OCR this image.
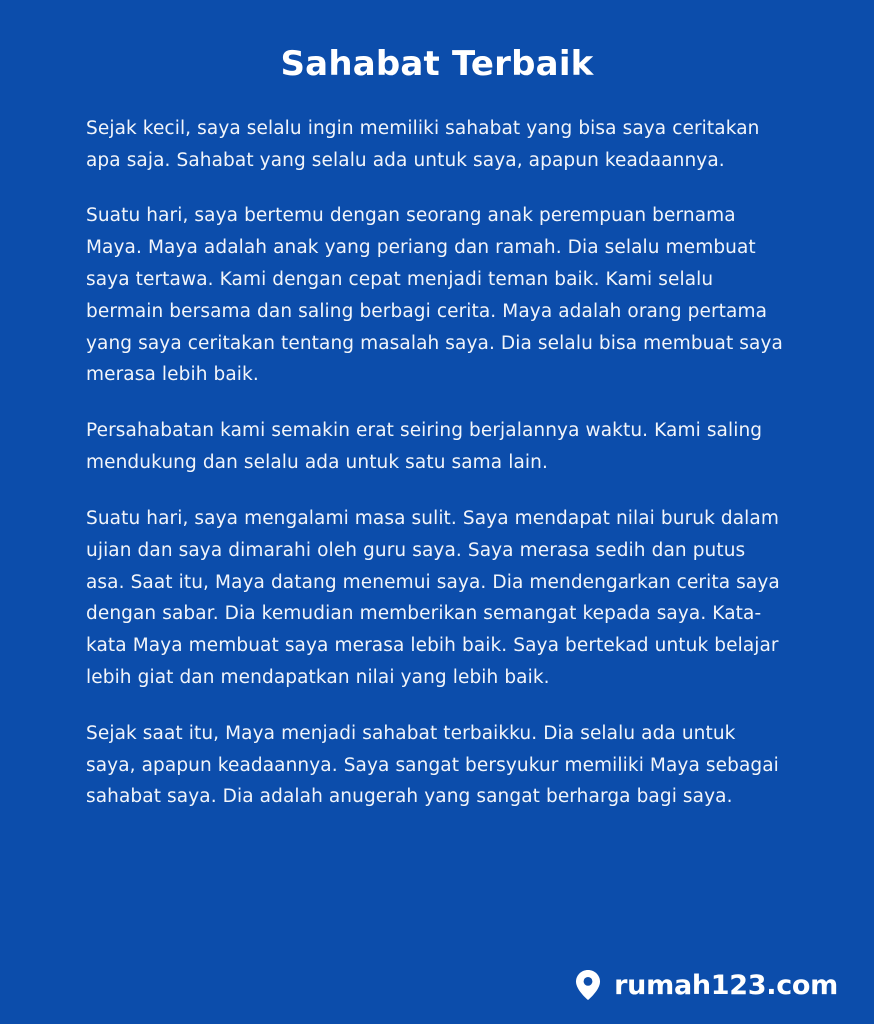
Sahabat Terbaik

Sejak kecil, saya selalu ingin memiliki sahabat yang bisa saya ceritakan apa saja. Sahabat yang selalu ada untuk saya, apapun keadaannya.

Suatu hari, saya bertemu dengan seorang anak perempuan bernama Maya. Maya adalah anak yang periang dan ramah. Dia selalu membuat saya tertawa. Kami dengan cepat menjadi teman baik. Kami selalu bermain bersama dan saling berbagi cerita. Maya adalah orang pertama yang saya ceritakan tentang masalah saya. Dia selalu bisa membuat saya merasa lebih baik.

Persahabatan kami semakin erat seiring berjalannya waktu. Kami saling mendukung dan selalu ada untuk satu sama lain.

Suatu hari, saya mengalami masa sulit. Saya mendapat nilai buruk dalam ujian dan saya dimarahi oleh guru saya. Saya merasa sedih dan putus asa. Saat itu, Maya datang menemui saya. Dia mendengarkan cerita saya dengan sabar. Dia kemudian memberikan semangat kepada saya. Kata-kata Maya membuat saya merasa lebih baik. Saya bertekad untuk belajar lebih giat dan mendapatkan nilai yang lebih baik.

Sejak saat itu, Maya menjadi sahabat terbaikku. Dia selalu ada untuk saya, apapun keadaannya. Saya sangat bersyukur memiliki Maya sebagai sahabat saya. Dia adalah anugerah yang sangat berharga bagi saya.

rumah123.com
